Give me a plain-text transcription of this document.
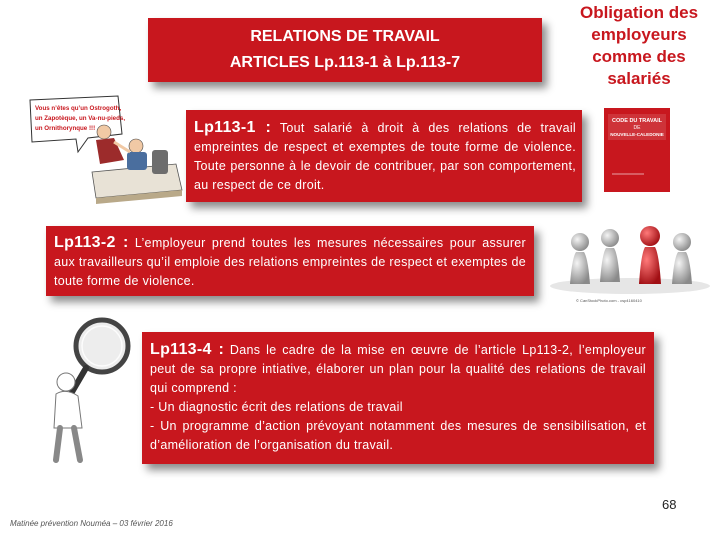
RELATIONS DE TRAVAIL
ARTICLES Lp.113-1 à Lp.113-7
Obligation des
employeurs
comme des
salariés
Vous n’êtes qu’un Ostrogoth,
un Zapotèque, un Va-nu-pieds,
un Ornithorynque !!!	Lp113-1 : Tout salarié à droit à des relations de travail empreintes de respect et exemptes de toute forme de violence. Toute personne à le devoir de contribuer, par son comportement, au respect de ce droit.
CODE DU TRAVAIL
DE
NOUVELLE-CALEDONIE
Lp113-2 : L’employeur prend toutes les mesures nécessaires pour assurer aux travailleurs qu’il emploie des relations empreintes de respect et exemptes de toute forme de violence.
© CanStockPhoto.com - csp4160410
Lp113-4 : Dans le cadre de la mise en œuvre de l’article Lp113-2, l’employeur peut de sa propre intiative, élaborer un plan pour la qualité des relations de travail qui comprend :
- Un diagnostic écrit des relations de travail
- Un programme d’action prévoyant notamment des mesures de sensibilisation, et d’amélioration de l’organisation du travail.
68
Matinée prévention Nouméa – 03 février 2016
